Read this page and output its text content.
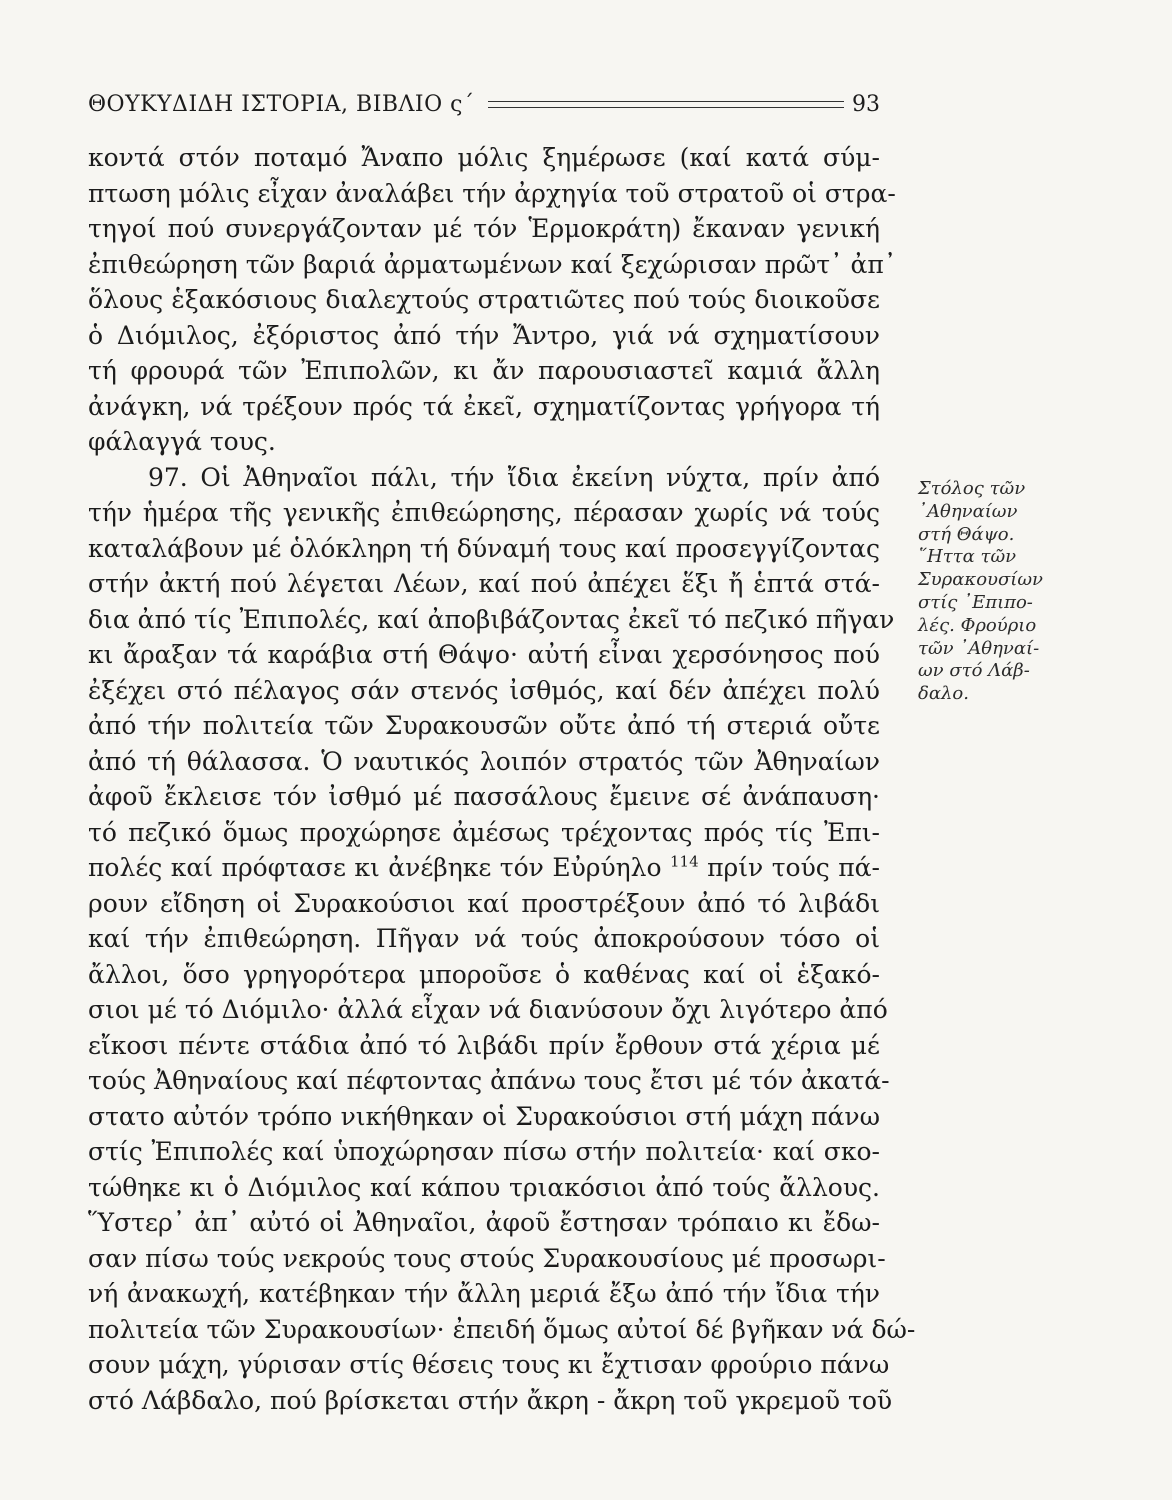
ΘΟΥΚΥΔΙΔΗ ΙΣΤΟΡΙΑ, ΒΙΒΛΙΟ ς΄	93
κοντά στόν ποταμό Ἄναπο μόλις ξημέρωσε (καί κατά σύμ-
πτωση μόλις εἶχαν ἀναλάβει τήν ἀρχηγία τοῦ στρατοῦ οἱ στρα-
τηγοί πού συνεργάζονταν μέ τόν Ἑρμοκράτη) ἔκαναν γενική
ἐπιθεώρηση τῶν βαριά ἀρματωμένων καί ξεχώρισαν πρῶτ᾽ ἀπ᾽
ὅλους ἑξακόσιους διαλεχτούς στρατιῶτες πού τούς διοικοῦσε
ὁ Διόμιλος, ἐξόριστος ἀπό τήν Ἄντρο, γιά νά σχηματίσουν
τή φρουρά τῶν Ἐπιπολῶν, κι ἄν παρουσιαστεῖ καμιά ἄλλη
ἀνάγκη, νά τρέξουν πρός τά ἐκεῖ, σχηματίζοντας γρήγορα τή
φάλαγγά τους.
97. Οἱ Ἀθηναῖοι πάλι, τήν ἴδια ἐκείνη νύχτα, πρίν ἀπό
τήν ἡμέρα τῆς γενικῆς ἐπιθεώρησης, πέρασαν χωρίς νά τούς
καταλάβουν μέ ὁλόκληρη τή δύναμή τους καί προσεγγίζοντας
στήν ἀκτή πού λέγεται Λέων, καί πού ἀπέχει ἕξι ἤ ἑπτά στά-
δια ἀπό τίς Ἐπιπολές, καί ἀποβιβάζοντας ἐκεῖ τό πεζικό πῆγαν
κι ἄραξαν τά καράβια στή Θάψο· αὐτή εἶναι χερσόνησος πού
ἐξέχει στό πέλαγος σάν στενός ἰσθμός, καί δέν ἀπέχει πολύ
ἀπό τήν πολιτεία τῶν Συρακουσῶν οὔτε ἀπό τή στεριά οὔτε
ἀπό τή θάλασσα. Ὁ ναυτικός λοιπόν στρατός τῶν Ἀθηναίων
ἀφοῦ ἔκλεισε τόν ἰσθμό μέ πασσάλους ἔμεινε σέ ἀνάπαυση·
τό πεζικό ὅμως προχώρησε ἀμέσως τρέχοντας πρός τίς Ἐπι-
πολές καί πρόφτασε κι ἀνέβηκε τόν Εὐρύηλο $^{114}$ πρίν τούς πά-
ρουν εἴδηση οἱ Συρακούσιοι καί προστρέξουν ἀπό τό λιβάδι
καί τήν ἐπιθεώρηση. Πῆγαν νά τούς ἀποκρούσουν τόσο οἱ
ἄλλοι, ὅσο γρηγορότερα μποροῦσε ὁ καθένας καί οἱ ἑξακό-
σιοι μέ τό Διόμιλο· ἀλλά εἶχαν νά διανύσουν ὄχι λιγότερο ἀπό
εἴκοσι πέντε στάδια ἀπό τό λιβάδι πρίν ἔρθουν στά χέρια μέ
τούς Ἀθηναίους καί πέφτοντας ἀπάνω τους ἔτσι μέ τόν ἀκατά-
στατο αὐτόν τρόπο νικήθηκαν οἱ Συρακούσιοι στή μάχη πάνω
στίς Ἐπιπολές καί ὑποχώρησαν πίσω στήν πολιτεία· καί σκο-
τώθηκε κι ὁ Διόμιλος καί κάπου τριακόσιοι ἀπό τούς ἄλλους.
Ὕστερ᾽ ἀπ᾽ αὐτό οἱ Ἀθηναῖοι, ἀφοῦ ἔστησαν τρόπαιο κι ἔδω-
σαν πίσω τούς νεκρούς τους στούς Συρακουσίους μέ προσωρι-
νή ἀνακωχή, κατέβηκαν τήν ἄλλη μεριά ἔξω ἀπό τήν ἴδια τήν
πολιτεία τῶν Συρακουσίων· ἐπειδή ὅμως αὐτοί δέ βγῆκαν νά δώ-
σουν μάχη, γύρισαν στίς θέσεις τους κι ἔχτισαν φρούριο πάνω
στό Λάβδαλο, πού βρίσκεται στήν ἄκρη - ἄκρη τοῦ γκρεμοῦ τοῦ
Στόλος τῶν
᾽Αθηναίων
στή Θάψο.
῞Ηττα τῶν
Συρακουσίων
στίς ᾽Επιπο-
λές. Φρούριο
τῶν ᾽Αθηναί-
ων στό Λάβ-
δαλο.
